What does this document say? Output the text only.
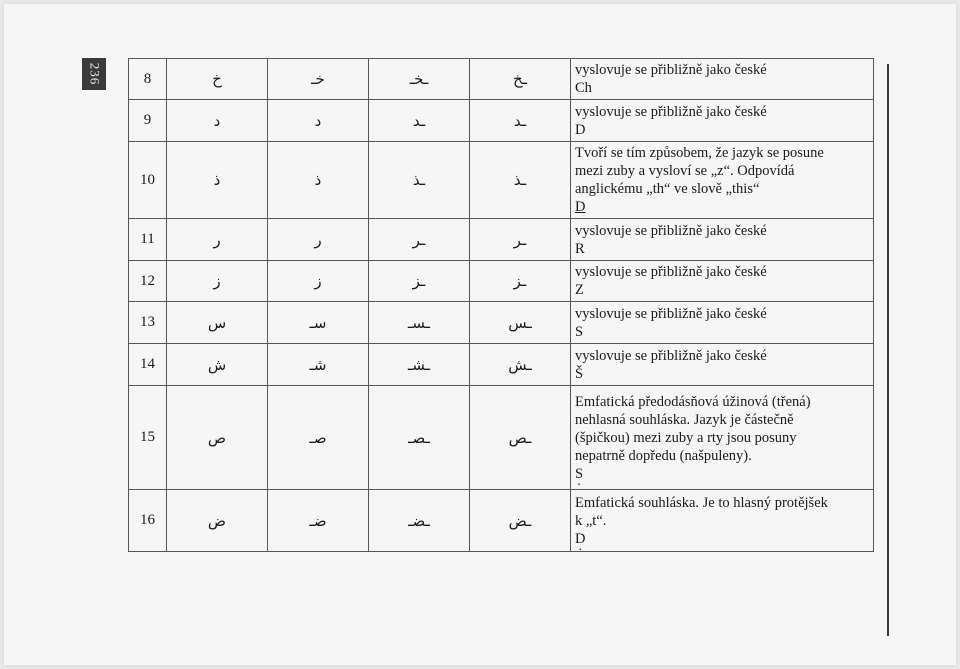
236	8	خ	خـ	ـخـ	ـخ	vyslovuje se přibližně jako české
Ch

9	د	د	ـد	ـد	vyslovuje se přibližně jako české
D

10	ذ	ذ	ـذ	ـذ	Tvoří se tím způsobem, že jazyk se posune
mezi zuby a vysloví se „z“. Odpovídá
anglickému „th“ ve slově „this“
D

11	ر	ر	ـر	ـر	vyslovuje se přibližně jako české
R

12	ز	ز	ـز	ـز	vyslovuje se přibližně jako české
Z

13	س	سـ	ـسـ	ـس	vyslovuje se přibližně jako české
S

14	ش	شـ	ـشـ	ـش	vyslovuje se přibližně jako české
Š

15	ص	صـ	ـصـ	ـص	Emfatická předodásňová úžinová (třená)
nehlasná souhláska. Jazyk je částečně
(špičkou) mezi zuby a rty jsou posuny
nepatrně dopředu (našpuleny).
S .

16	ض	ضـ	ـضـ	ـض	Emfatická souhláska. Je to hlasný protějšek
k „t“.
D .
